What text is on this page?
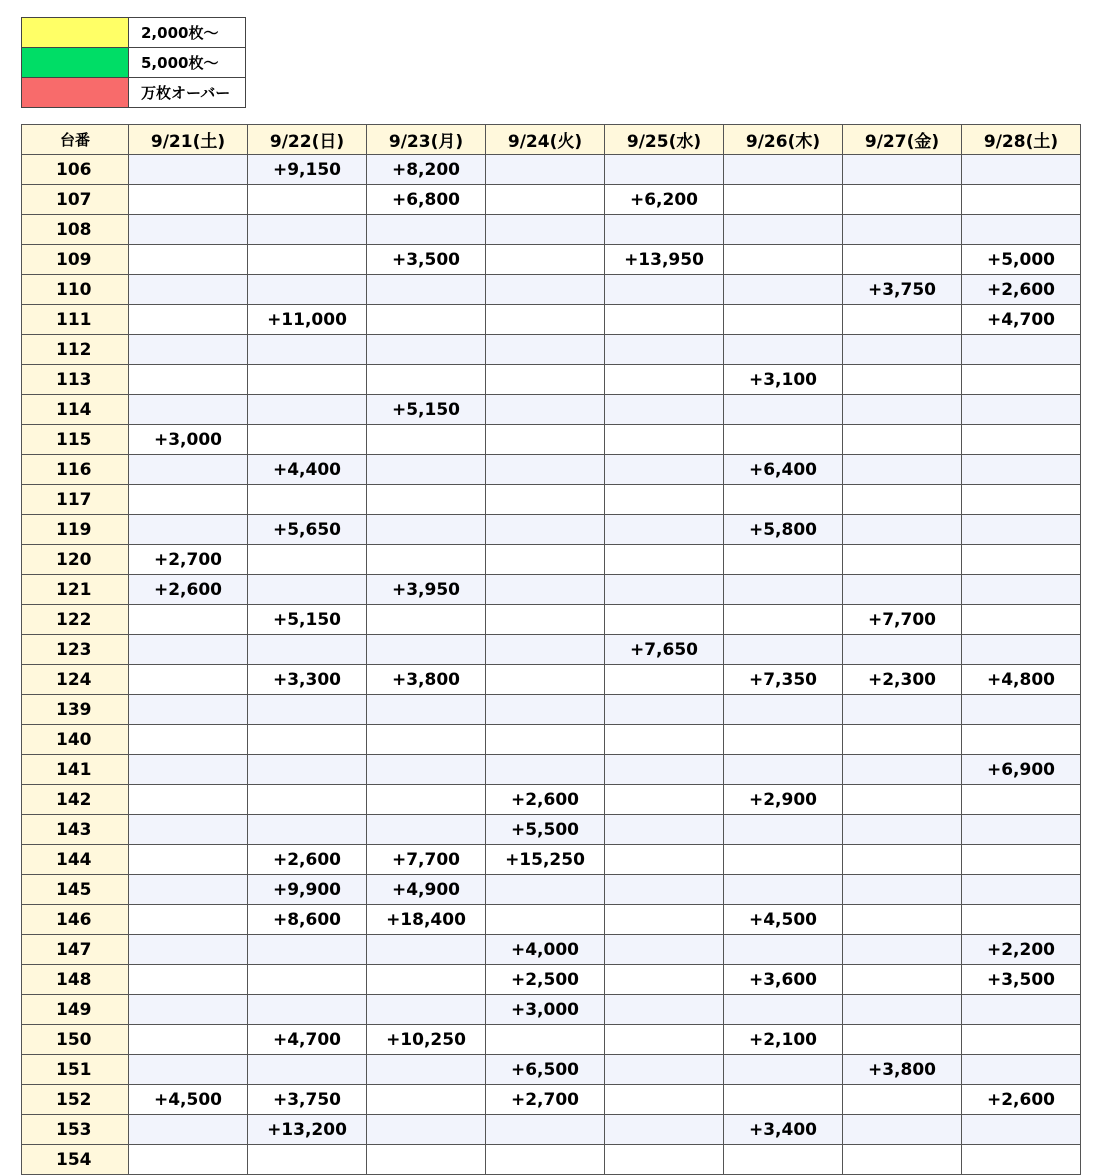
	2,000枚〜
	5,000枚〜
	万枚オーバー
台番	9/21(土)	9/22(日)	9/23(月)	9/24(火)	9/25(水)	9/26(木)	9/27(金)	9/28(土)
106		+9,150	+8,200					
107			+6,800		+6,200			
108								
109			+3,500		+13,950			+5,000
110							+3,750	+2,600
111		+11,000						+4,700
112								
113						+3,100		
114			+5,150					
115	+3,000							
116		+4,400				+6,400		
117								
119		+5,650				+5,800		
120	+2,700							
121	+2,600		+3,950					
122		+5,150					+7,700	
123					+7,650			
124		+3,300	+3,800			+7,350	+2,300	+4,800
139								
140								
141								+6,900
142				+2,600		+2,900		
143				+5,500				
144		+2,600	+7,700	+15,250				
145		+9,900	+4,900					
146		+8,600	+18,400			+4,500		
147				+4,000				+2,200
148				+2,500		+3,600		+3,500
149				+3,000				
150		+4,700	+10,250			+2,100		
151				+6,500			+3,800	
152	+4,500	+3,750		+2,700				+2,600
153		+13,200				+3,400		
154								
